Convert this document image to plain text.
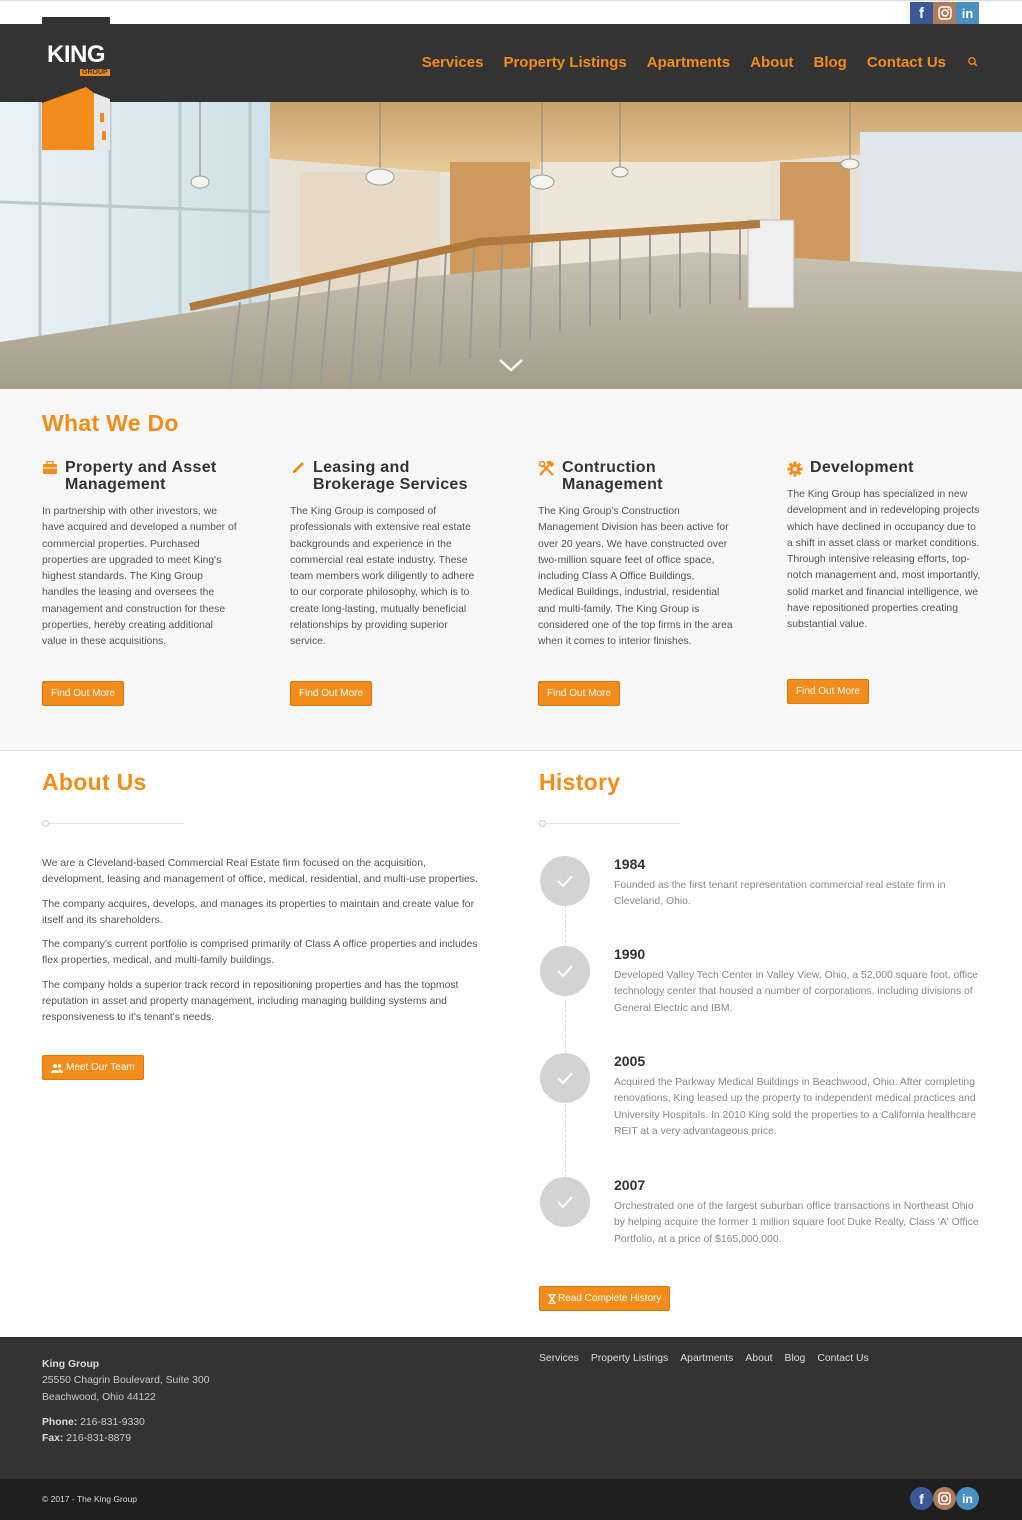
f	in
Services Property Listings Apartments About Blog Contact Us
KING
GROUP
What We Do
Property and Asset
Management
In partnership with other investors, we have acquired and developed a number of commercial properties. Purchased properties are upgraded to meet King's highest standards. The King Group handles the leasing and oversees the management and construction for these properties, hereby creating additional value in these acquisitions.
Find Out More
Leasing and
Brokerage Services
The King Group is composed of professionals with extensive real estate backgrounds and experience in the commercial real estate industry. These team members work diligently to adhere to our corporate philosophy, which is to create long-lasting, mutually beneficial relationships by providing superior service.
Find Out More
Contruction
Management
The King Group's Construction Management Division has been active for over 20 years. We have constructed over two-million square feet of office space, including Class A Office Buildings, Medical Buildings, industrial, residential and multi-family. The King Group is considered one of the top firms in the area when it comes to interior finishes.
Find Out More
Development
The King Group has specialized in new development and in redeveloping projects which have declined in occupancy due to a shift in asset class or market conditions. Through intensive releasing efforts, top-notch management and, most importantly, solid market and financial intelligence, we have repositioned properties creating substantial value.
Find Out More
About Us

We are a Cleveland-based Commercial Real Estate firm focused on the acquisition, development, leasing and management of office, medical, residential, and multi-use properties.

The company acquires, develops, and manages its properties to maintain and create value for itself and its shareholders.

The company's current portfolio is comprised primarily of Class A office properties and includes flex properties, medical, and multi-family buildings.

The company holds a superior track record in repositioning properties and has the topmost reputation in asset and property management, including managing building systems and responsiveness to it's tenant's needs.

Meet Our Team
History
1984
Founded as the first tenant representation commercial real estate firm in Cleveland, Ohio.
1990
Developed Valley Tech Center in Valley View, Ohio, a 52,000 square foot, office technology center that housed a number of corporations, including divisions of General Electric and IBM.
2005
Acquired the Parkway Medical Buildings in Beachwood, Ohio. After completing renovations, King leased up the property to independent medical practices and University Hospitals. In 2010 King sold the properties to a California healthcare REIT at a very advantageous price.
2007
Orchestrated one of the largest suburban office transactions in Northeast Ohio by helping acquire the former 1 million square foot Duke Realty, Class 'A' Office Portfolio, at a price of $165,000,000.
Read Complete History
King Group
25550 Chagrin Boulevard, Suite 300
Beachwood, Ohio 44122
Phone: 216-831-9330
Fax: 216-831-8879
Services Property Listings Apartments About Blog Contact Us
© 2017 - The King Group	f	in
